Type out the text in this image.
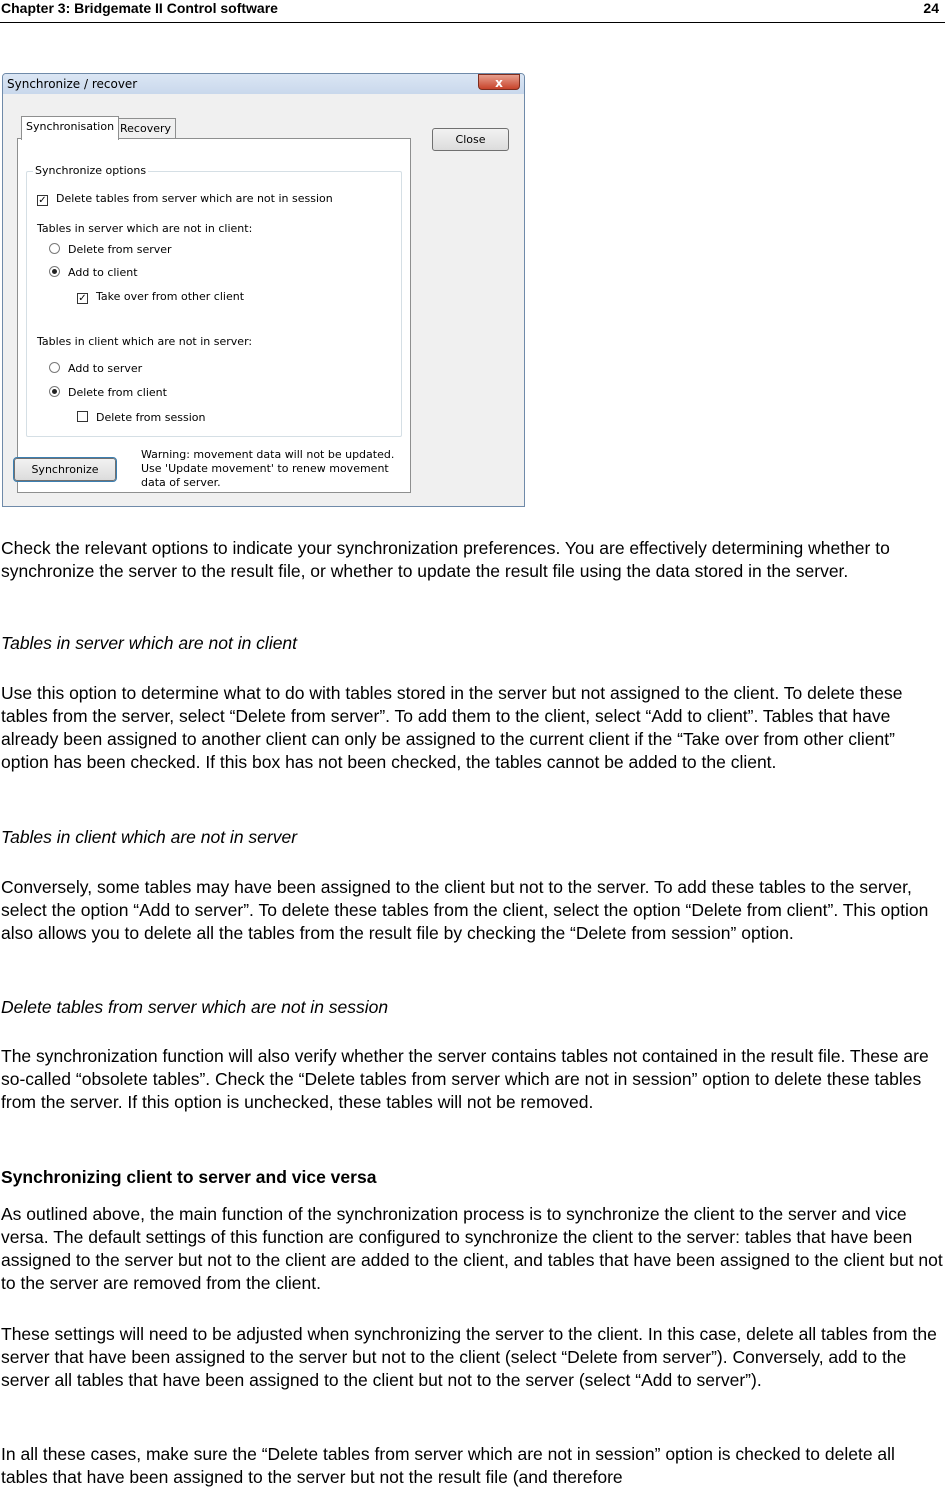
Chapter 3: Bridgemate II Control software	24
Synchronize / recover	x
Synchronisation Recovery
Close
Synchronize options
✓ Delete tables from server which are not in session
Tables in server which are not in client:
Delete from server
Add to client
✓ Take over from other client
Tables in client which are not in server:
Add to server
Delete from client
Delete from session
Synchronize
Warning: movement data will not be updated. Use 'Update movement' to renew movement data of server.

Check the relevant options to indicate your synchronization preferences. You are effectively determining whether to synchronize the server to the result file, or whether to update the result file using the data stored in the server.

Tables in server which are not in client

Use this option to determine what to do with tables stored in the server but not assigned to the client. To delete these tables from the server, select “Delete from server”. To add them to the client, select “Add to client”. Tables that have already been assigned to another client can only be assigned to the current client if the “Take over from other client” option has been checked. If this box has not been checked, the tables cannot be added to the client.

Tables in client which are not in server

Conversely, some tables may have been assigned to the client but not to the server. To add these tables to the server, select the option “Add to server”. To delete these tables from the client, select the option “Delete from client”. This option also allows you to delete all the tables from the result file by checking the “Delete from session” option.

Delete tables from server which are not in session

The synchronization function will also verify whether the server contains tables not contained in the result file. These are so-called “obsolete tables”. Check the “Delete tables from server which are not in session” option to delete these tables from the server. If this option is unchecked, these tables will not be removed.

Synchronizing client to server and vice versa

As outlined above, the main function of the synchronization process is to synchronize the client to the server and vice versa. The default settings of this function are configured to synchronize the client to the server: tables that have been assigned to the server but not to the client are added to the client, and tables that have been assigned to the client but not to the server are removed from the client.

These settings will need to be adjusted when synchronizing the server to the client. In this case, delete all tables from the server that have been assigned to the server but not to the client (select “Delete from server”). Conversely, add to the server all tables that have been assigned to the client but not to the server (select “Add to server”).

In all these cases, make sure the “Delete tables from server which are not in session” option is checked to delete all tables that have been assigned to the server but not the result file (and therefore
